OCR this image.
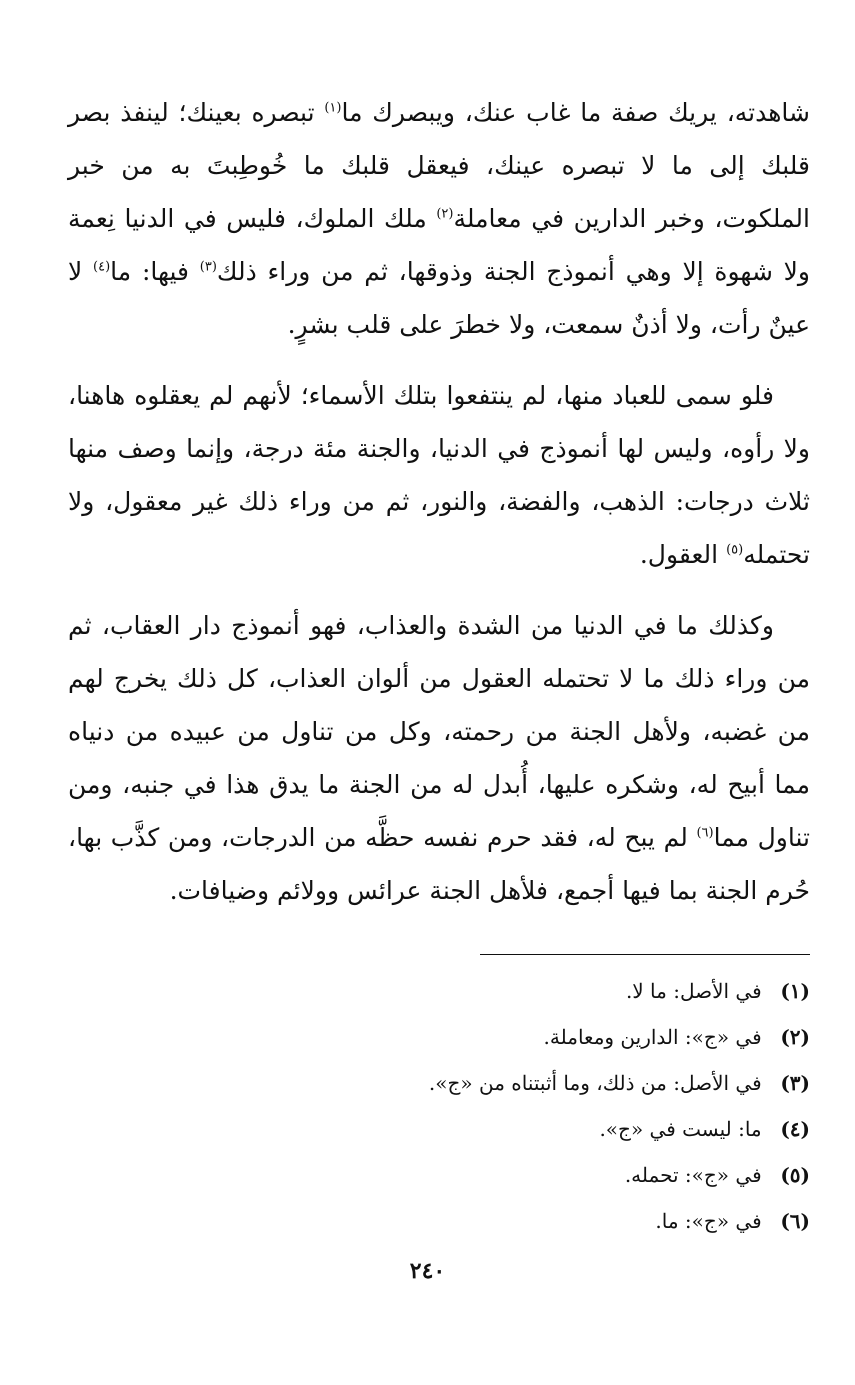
شاهدته، يريك صفة ما غاب عنك، ويبصرك ما$^{(١)}$ تبصره بعينك؛ لينفذ بصر قلبك إلى ما لا تبصره عينك، فيعقل قلبك ما خُوطِبتَ به من خبر الملكوت، وخبر الدارين في معاملة$^{(٢)}$ ملك الملوك، فليس في الدنيا نِعمة ولا شهوة إلا وهي أنموذج الجنة وذوقها، ثم من وراء ذلك$^{(٣)}$ فيها: ما$^{(٤)}$ لا عينٌ رأت، ولا أذنٌ سمعت، ولا خطرَ على قلب بشرٍ.

فلو سمى للعباد منها، لم ينتفعوا بتلك الأسماء؛ لأنهم لم يعقلوه هاهنا، ولا رأوه، وليس لها أنموذج في الدنيا، والجنة مئة درجة، وإنما وصف منها ثلاث درجات: الذهب، والفضة، والنور، ثم من وراء ذلك غير معقول، ولا تحتمله$^{(٥)}$ العقول.

وكذلك ما في الدنيا من الشدة والعذاب، فهو أنموذج دار العقاب، ثم من وراء ذلك ما لا تحتمله العقول من ألوان العذاب، كل ذلك يخرج لهم من غضبه، ولأهل الجنة من رحمته، وكل من تناول من عبيده من دنياه مما أبيح له، وشكره عليها، أُبدل له من الجنة ما يدق هذا في جنبه، ومن تناول مما$^{(٦)}$ لم يبح له، فقد حرم نفسه حظَّه من الدرجات، ومن كذَّب بها، حُرم الجنة بما فيها أجمع، فلأهل الجنة عرائس وولائم وضيافات.

(١) في الأصل: ما لا.
(٢) في «ج»: الدارين ومعاملة.
(٣) في الأصل: من ذلك، وما أثبتناه من «ج».
(٤) ما: ليست في «ج».
(٥) في «ج»: تحمله.
(٦) في «ج»: ما.
٢٤٠
